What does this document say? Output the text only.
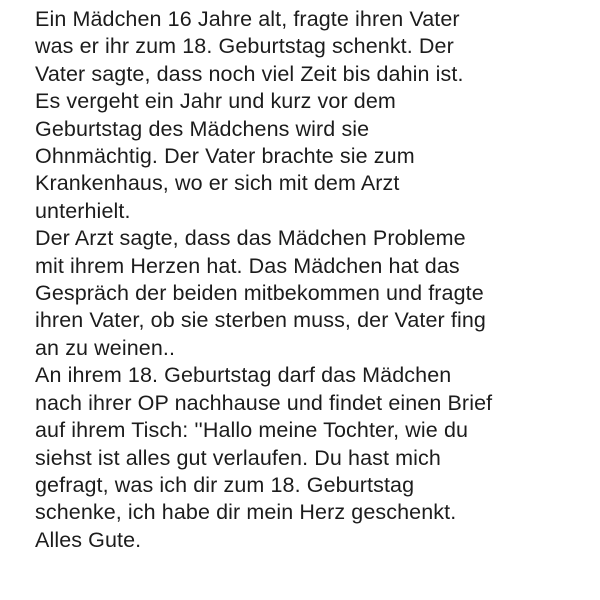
Ein Mädchen 16 Jahre alt, fragte ihren Vater
was er ihr zum 18. Geburtstag schenkt. Der
Vater sagte, dass noch viel Zeit bis dahin ist.
Es vergeht ein Jahr und kurz vor dem
Geburtstag des Mädchens wird sie
Ohnmächtig. Der Vater brachte sie zum
Krankenhaus, wo er sich mit dem Arzt
unterhielt.
Der Arzt sagte, dass das Mädchen Probleme
mit ihrem Herzen hat. Das Mädchen hat das
Gespräch der beiden mitbekommen und fragte
ihren Vater, ob sie sterben muss, der Vater fing
an zu weinen..
An ihrem 18. Geburtstag darf das Mädchen
nach ihrer OP nachhause und findet einen Brief
auf ihrem Tisch: ''Hallo meine Tochter, wie du
siehst ist alles gut verlaufen. Du hast mich
gefragt, was ich dir zum 18. Geburtstag
schenke, ich habe dir mein Herz geschenkt.
Alles Gute.
